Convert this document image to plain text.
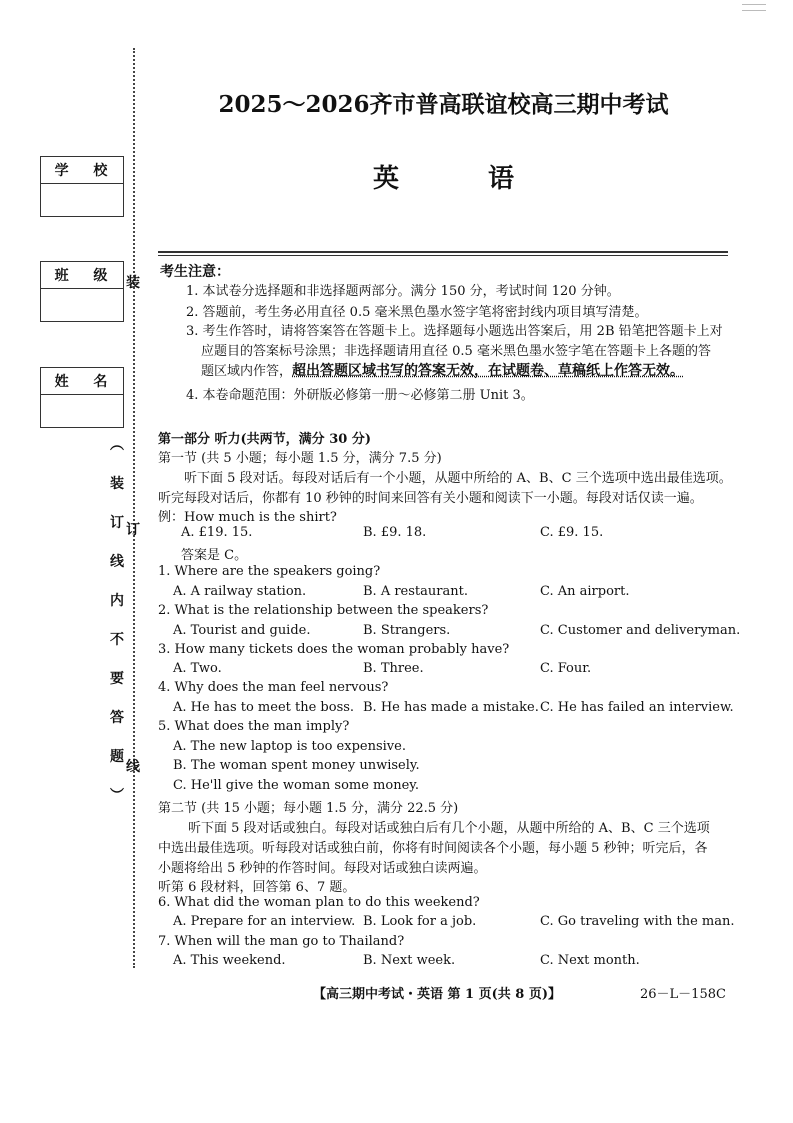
学 校
班 级
姓 名
装
订
线
︵
装
订
线
内
不
要
答
题
︶
2025～2026齐市普高联谊校高三期中考试
英 语
考生注意：
1. 本试卷分选择题和非选择题两部分。满分 150 分，考试时间 120 分钟。
2. 答题前，考生务必用直径 0.5 毫米黑色墨水签字笔将密封线内项目填写清楚。
3. 考生作答时，请将答案答在答题卡上。选择题每小题选出答案后，用 2B 铅笔把答题卡上对
应题目的答案标号涂黑；非选择题请用直径 0.5 毫米黑色墨水签字笔在答题卡上各题的答
题区域内作答，超出答题区域书写的答案无效，在试题卷、草稿纸上作答无效。
4. 本卷命题范围：外研版必修第一册～必修第二册 Unit 3。
第一部分 听力(共两节，满分 30 分)
第一节 (共 5 小题；每小题 1.5 分，满分 7.5 分)
听下面 5 段对话。每段对话后有一个小题，从题中所给的 A、B、C 三个选项中选出最佳选项。
听完每段对话后，你都有 10 秒钟的时间来回答有关小题和阅读下一小题。每段对话仅读一遍。
例：How much is the shirt?
A. £19. 15.	B. £9. 18.	C. £9. 15.
答案是 C。
1. Where are the speakers going?
A. A railway station.	B. A restaurant.	C. An airport.
2. What is the relationship between the speakers?
A. Tourist and guide.	B. Strangers.	C. Customer and deliveryman.
3. How many tickets does the woman probably have?
A. Two.	B. Three.	C. Four.
4. Why does the man feel nervous?
A. He has to meet the boss. B. He has made a mistake. C. He has failed an interview.
5. What does the man imply?
A. The new laptop is too expensive.
B. The woman spent money unwisely.
C. He'll give the woman some money.
第二节 (共 15 小题；每小题 1.5 分，满分 22.5 分)
听下面 5 段对话或独白。每段对话或独白后有几个小题，从题中所给的 A、B、C 三个选项
中选出最佳选项。听每段对话或独白前，你将有时间阅读各个小题，每小题 5 秒钟；听完后，各
小题将给出 5 秒钟的作答时间。每段对话或独白读两遍。
听第 6 段材料，回答第 6、7 题。
6. What did the woman plan to do this weekend?
A. Prepare for an interview. B. Look for a job.	C. Go traveling with the man.
7. When will the man go to Thailand?
A. This weekend.	B. Next week.	C. Next month.
【高三期中考试・英语 第 1 页(共 8 页)】	26－L－158C
